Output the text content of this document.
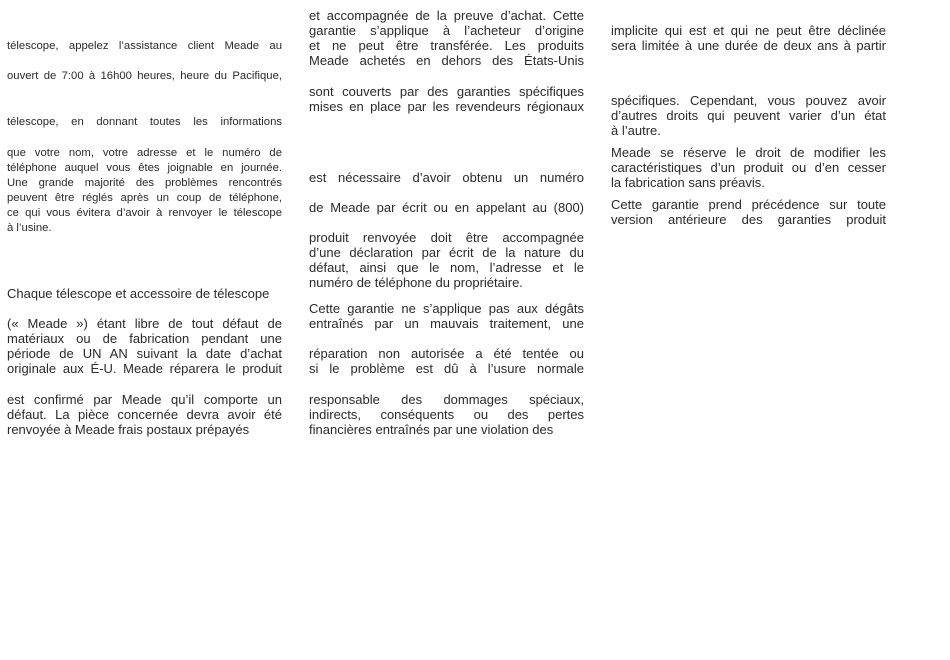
télescope, appelez l’assistance client Meade au

ouvert de 7:00 à 16h00 heures, heure du Pacifique,

télescope, en donnant toutes les informations

que votre nom, votre adresse et le numéro de

téléphone auquel vous êtes joignable en journée.

Une grande majorité des problèmes rencontrés

peuvent être réglés après un coup de téléphone,

ce qui vous évitera d’avoir à renvoyer le télescope

à l’usine.

Chaque télescope et accessoire de télescope

(« Meade ») étant libre de tout défaut de

matériaux ou de fabrication pendant une

période de UN AN suivant la date d’achat

originale aux É-U. Meade réparera le produit

est confirmé par Meade qu’il comporte un

défaut. La pièce concernée devra avoir été

renvoyée à Meade frais postaux prépayés

et accompagnée de la preuve d’achat. Cette

garantie s’applique à l’acheteur d’origine

et ne peut être transférée. Les produits

Meade achetés en dehors des États-Unis

sont couverts par des garanties spécifiques

mises en place par les revendeurs régionaux

est nécessaire d’avoir obtenu un numéro

de Meade par écrit ou en appelant au (800)

produit renvoyée doit être accompagnée

d’une déclaration par écrit de la nature du

défaut, ainsi que le nom, l’adresse et le

numéro de téléphone du propriétaire.

Cette garantie ne s’applique pas aux dégâts

entraînés par un mauvais traitement, une

réparation non autorisée a été tentée ou

si le problème est dû à l’usure normale

responsable des dommages spéciaux,

indirects, conséquents ou des pertes

financières entraînés par une violation des

implicite qui est et qui ne peut être déclinée

sera limitée à une durée de deux ans à partir

spécifiques. Cependant, vous pouvez avoir

d’autres droits qui peuvent varier d’un état

à l’autre.

Meade se réserve le droit de modifier les

caractéristiques d’un produit ou d’en cesser

la fabrication sans préavis.

Cette garantie prend précédence sur toute

version antérieure des garanties produit
